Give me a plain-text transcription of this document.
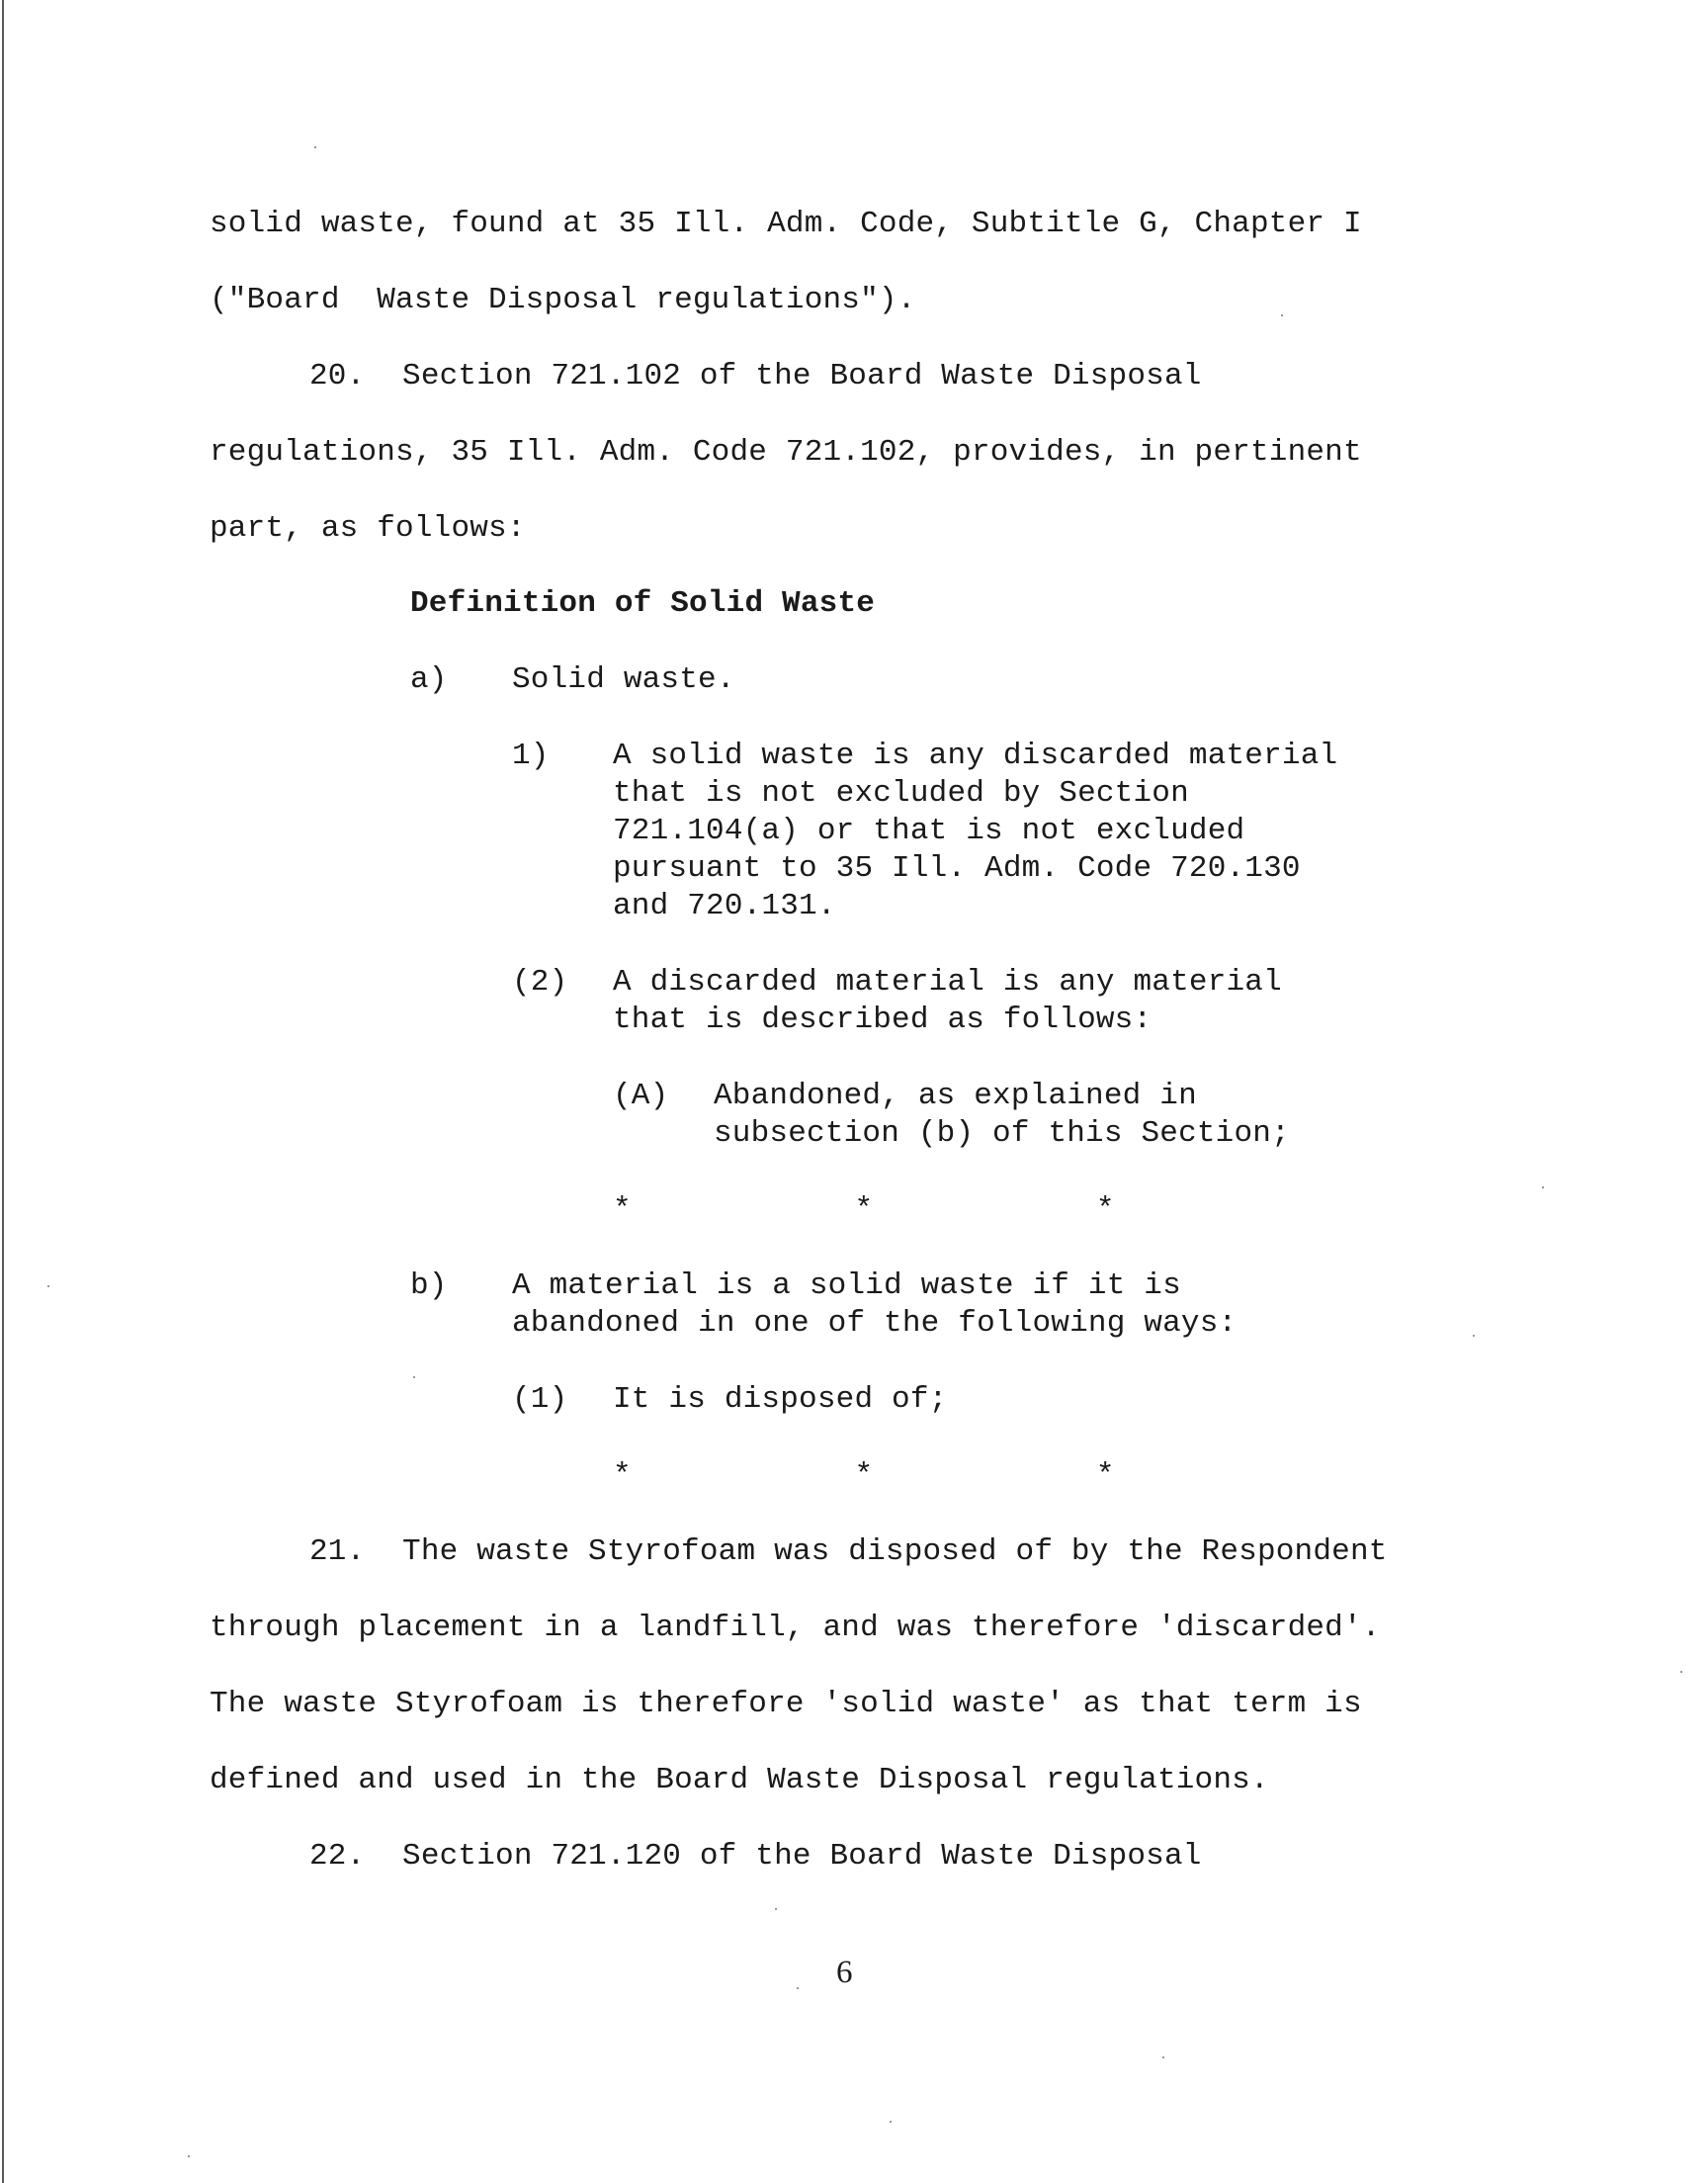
solid waste, found at 35 Ill. Adm. Code, Subtitle G, Chapter I
("Board  Waste Disposal regulations").
20.  Section 721.102 of the Board Waste Disposal
regulations, 35 Ill. Adm. Code 721.102, provides, in pertinent
part, as follows:
Definition of Solid Waste
a) Solid waste.
1) A solid waste is any discarded material
that is not excluded by Section
721.104(a) or that is not excluded
pursuant to 35 Ill. Adm. Code 720.130
and 720.131.
(2) A discarded material is any material
that is described as follows:
(A) Abandoned, as explained in
subsection (b) of this Section;
*            *            *
b) A material is a solid waste if it is
abandoned in one of the following ways:
(1) It is disposed of;
*            *            *
21.  The waste Styrofoam was disposed of by the Respondent
through placement in a landfill, and was therefore 'discarded'.
The waste Styrofoam is therefore 'solid waste' as that term is
defined and used in the Board Waste Disposal regulations.
22.  Section 721.120 of the Board Waste Disposal
6
